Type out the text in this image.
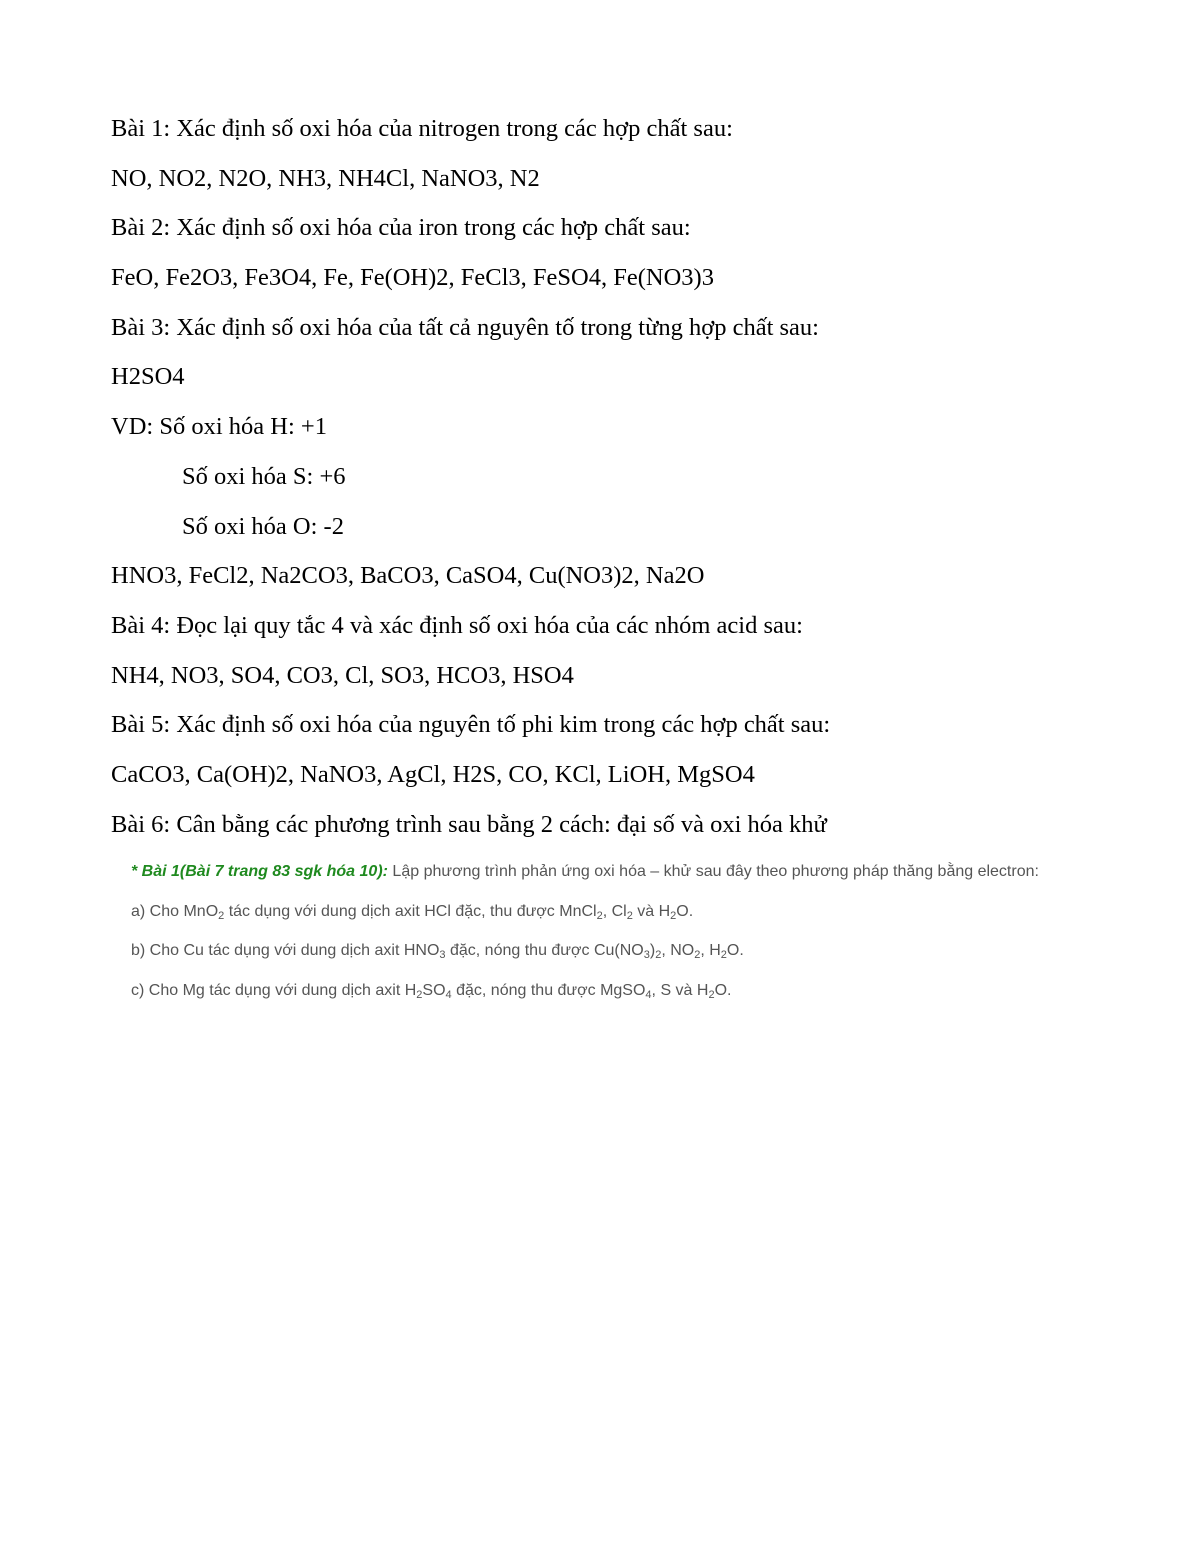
Bài 1: Xác định số oxi hóa của nitrogen trong các hợp chất sau:
NO, NO2, N2O, NH3, NH4Cl, NaNO3, N2
Bài 2: Xác định số oxi hóa của iron trong các hợp chất sau:
FeO, Fe2O3, Fe3O4, Fe, Fe(OH)2, FeCl3, FeSO4, Fe(NO3)3
Bài 3: Xác định số oxi hóa của tất cả nguyên tố trong từng hợp chất sau:
H2SO4
VD: Số oxi hóa H: +1
Số oxi hóa S: +6
Số oxi hóa O: -2
HNO3, FeCl2, Na2CO3, BaCO3, CaSO4, Cu(NO3)2, Na2O
Bài 4: Đọc lại quy tắc 4 và xác định số oxi hóa của các nhóm acid sau:
NH4, NO3, SO4, CO3, Cl, SO3, HCO3, HSO4
Bài 5: Xác định số oxi hóa của nguyên tố phi kim trong các hợp chất sau:
CaCO3, Ca(OH)2, NaNO3, AgCl, H2S, CO, KCl, LiOH, MgSO4
Bài 6: Cân bằng các phương trình sau bằng 2 cách: đại số và oxi hóa khử
* Bài 1(Bài 7 trang 83 sgk hóa 10): Lập phương trình phản ứng oxi hóa – khử sau đây theo phương pháp thăng bằng electron:
a) Cho MnO$_2$ tác dụng với dung dịch axit HCl đặc, thu được MnCl$_2$, $Cl_2$ và $H_2O$.
b) Cho Cu tác dụng với dung dịch axit $HNO_3$ đặc, nóng thu được $Cu(NO_3)_2$, $NO_2$, $H_2O$.
c) Cho Mg tác dụng với dung dịch axit $H_2SO_4$ đặc, nóng thu được MgSO$_4$, S và $H_2O$.
